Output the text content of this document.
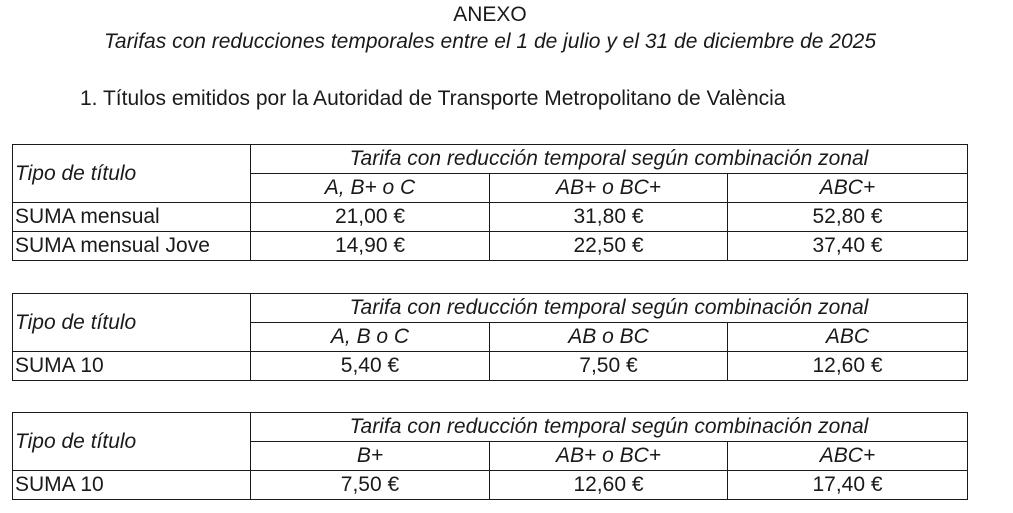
ANEXO
Tarifas con reducciones temporales entre el 1 de julio y el 31 de diciembre de 2025
1. Títulos emitidos por la Autoridad de Transporte Metropolitano de València
Tipo de título	Tarifa con reducción temporal según combinación zonal		
	A, B+ o C	AB+ o BC+	ABC+
SUMA mensual	21,00 €	31,80 €	52,80 €
SUMA mensual Jove	14,90 €	22,50 €	37,40 €
Tipo de título	Tarifa con reducción temporal según combinación zonal		
	A, B o C	AB o BC	ABC
SUMA 10	5,40 €	7,50 €	12,60 €
Tipo de título	Tarifa con reducción temporal según combinación zonal		
	B+	AB+ o BC+	ABC+
SUMA 10	7,50 €	12,60 €	17,40 €
